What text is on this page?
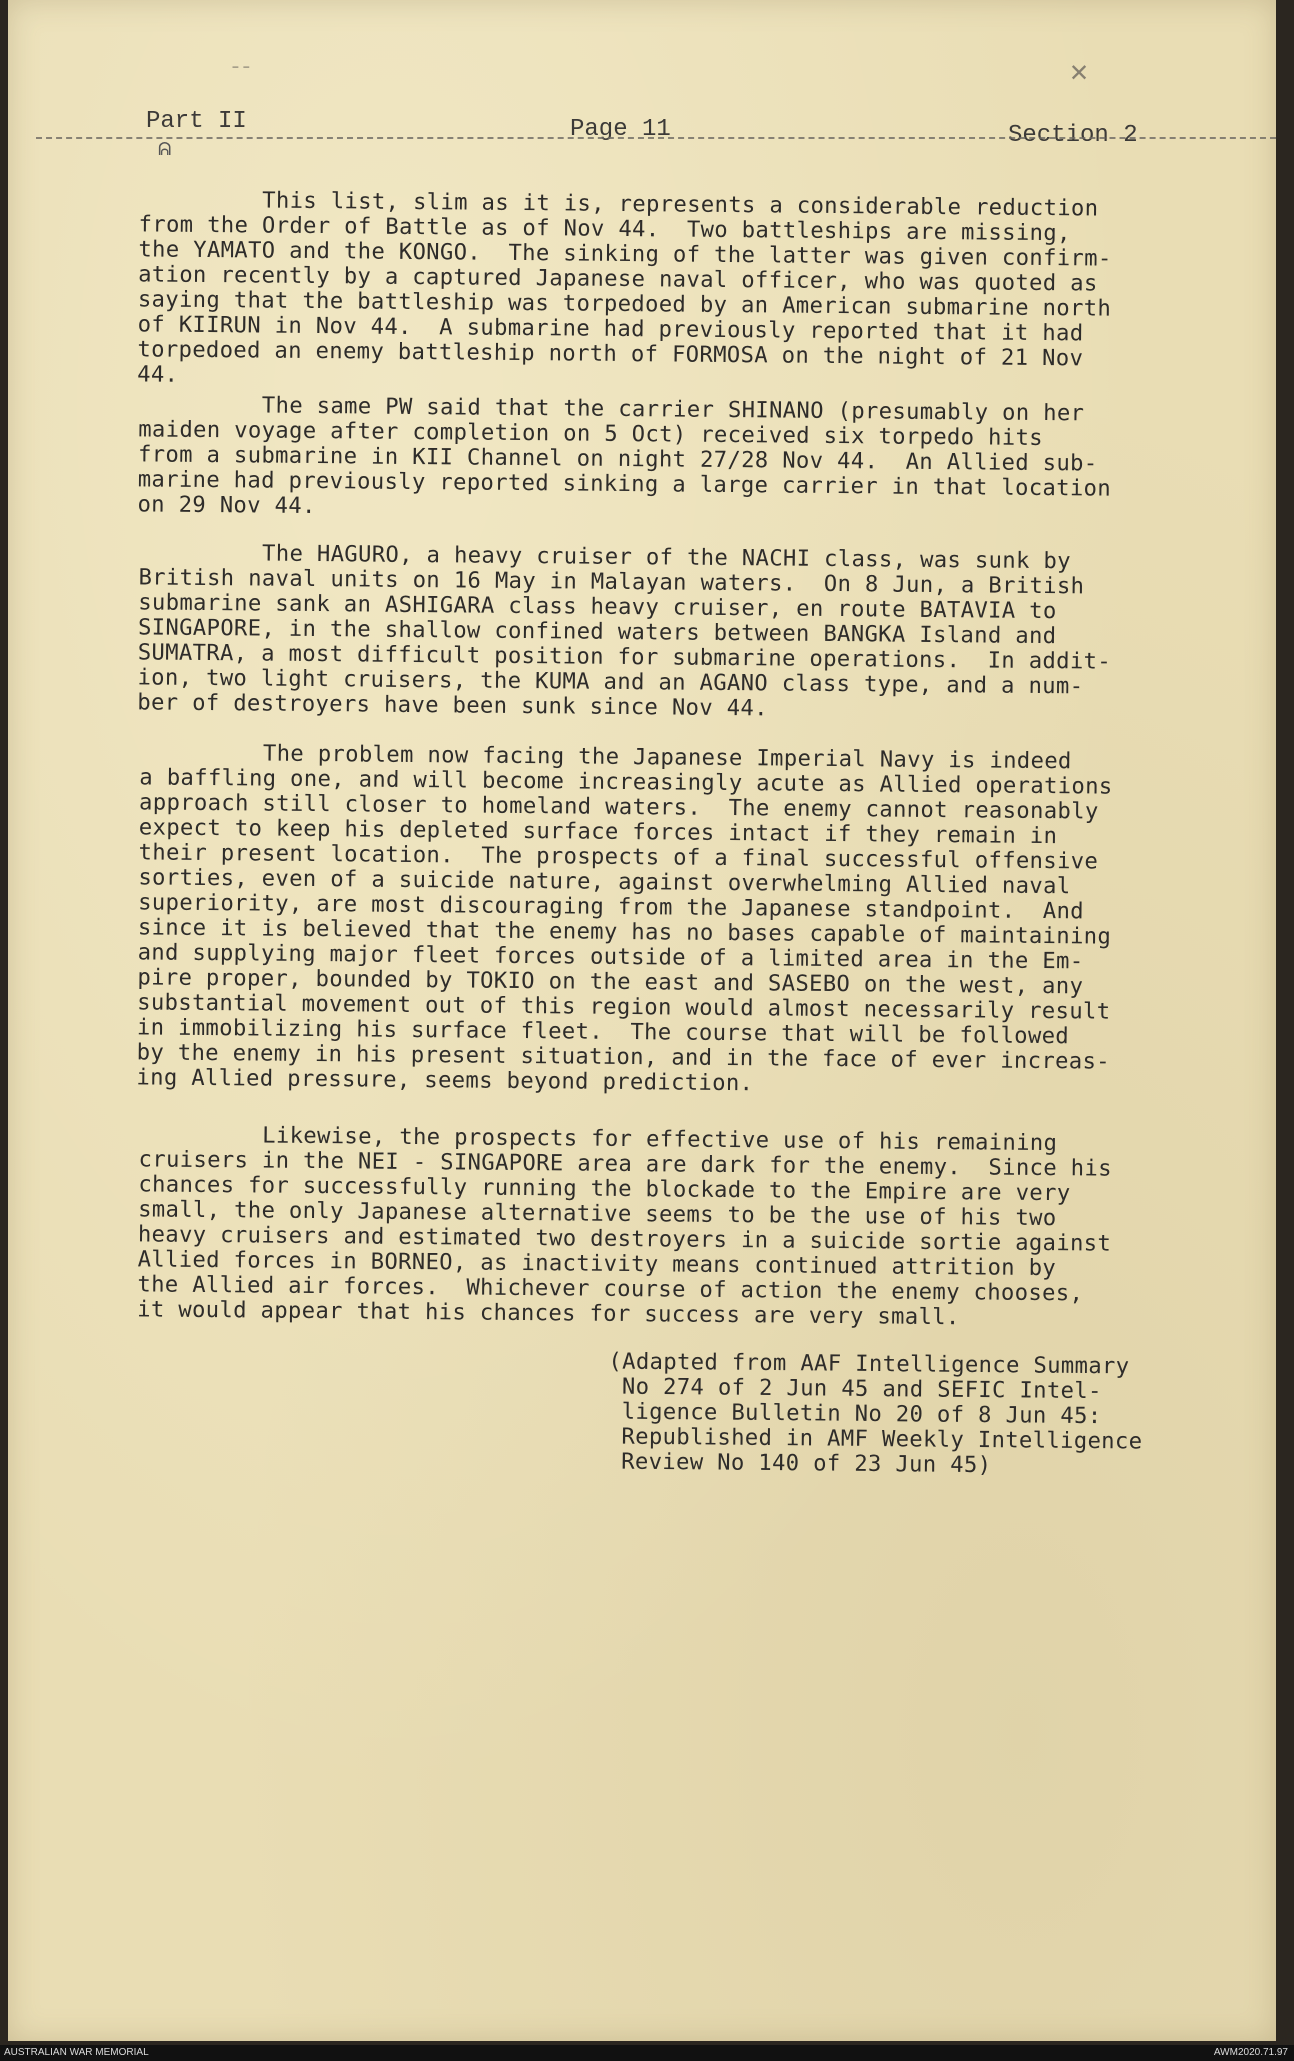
⁻⁻	✕
Part II	Page 11	Section 2
ᕱ
This list, slim as it is, represents a considerable reduction
from the Order of Battle as of Nov 44.  Two battleships are missing,
the YAMATO and the KONGO.  The sinking of the latter was given confirm-
ation recently by a captured Japanese naval officer, who was quoted as
saying that the battleship was torpedoed by an American submarine north
of KIIRUN in Nov 44.  A submarine had previously reported that it had
torpedoed an enemy battleship north of FORMOSA on the night of 21 Nov
44.
The same PW said that the carrier SHINANO (presumably on her
maiden voyage after completion on 5 Oct) received six torpedo hits
from a submarine in KII Channel on night 27/28 Nov 44.  An Allied sub-
marine had previously reported sinking a large carrier in that location
on 29 Nov 44.
The HAGURO, a heavy cruiser of the NACHI class, was sunk by
British naval units on 16 May in Malayan waters.  On 8 Jun, a British
submarine sank an ASHIGARA class heavy cruiser, en route BATAVIA to
SINGAPORE, in the shallow confined waters between BANGKA Island and
SUMATRA, a most difficult position for submarine operations.  In addit-
ion, two light cruisers, the KUMA and an AGANO class type, and a num-
ber of destroyers have been sunk since Nov 44.
The problem now facing the Japanese Imperial Navy is indeed
a baffling one, and will become increasingly acute as Allied operations
approach still closer to homeland waters.  The enemy cannot reasonably
expect to keep his depleted surface forces intact if they remain in
their present location.  The prospects of a final successful offensive
sorties, even of a suicide nature, against overwhelming Allied naval
superiority, are most discouraging from the Japanese standpoint.  And
since it is believed that the enemy has no bases capable of maintaining
and supplying major fleet forces outside of a limited area in the Em-
pire proper, bounded by TOKIO on the east and SASEBO on the west, any
substantial movement out of this region would almost necessarily result
in immobilizing his surface fleet.  The course that will be followed
by the enemy in his present situation, and in the face of ever increas-
ing Allied pressure, seems beyond prediction.
Likewise, the prospects for effective use of his remaining
cruisers in the NEI - SINGAPORE area are dark for the enemy.  Since his
chances for successfully running the blockade to the Empire are very
small, the only Japanese alternative seems to be the use of his two
heavy cruisers and estimated two destroyers in a suicide sortie against
Allied forces in BORNEO, as inactivity means continued attrition by
the Allied air forces.  Whichever course of action the enemy chooses,
it would appear that his chances for success are very small.
(Adapted from AAF Intelligence Summary
No 274 of 2 Jun 45 and SEFIC Intel-
ligence Bulletin No 20 of 8 Jun 45:
Republished in AMF Weekly Intelligence
Review No 140 of 23 Jun 45)
AUSTRALIAN WAR MEMORIAL	AWM2020.71.97
